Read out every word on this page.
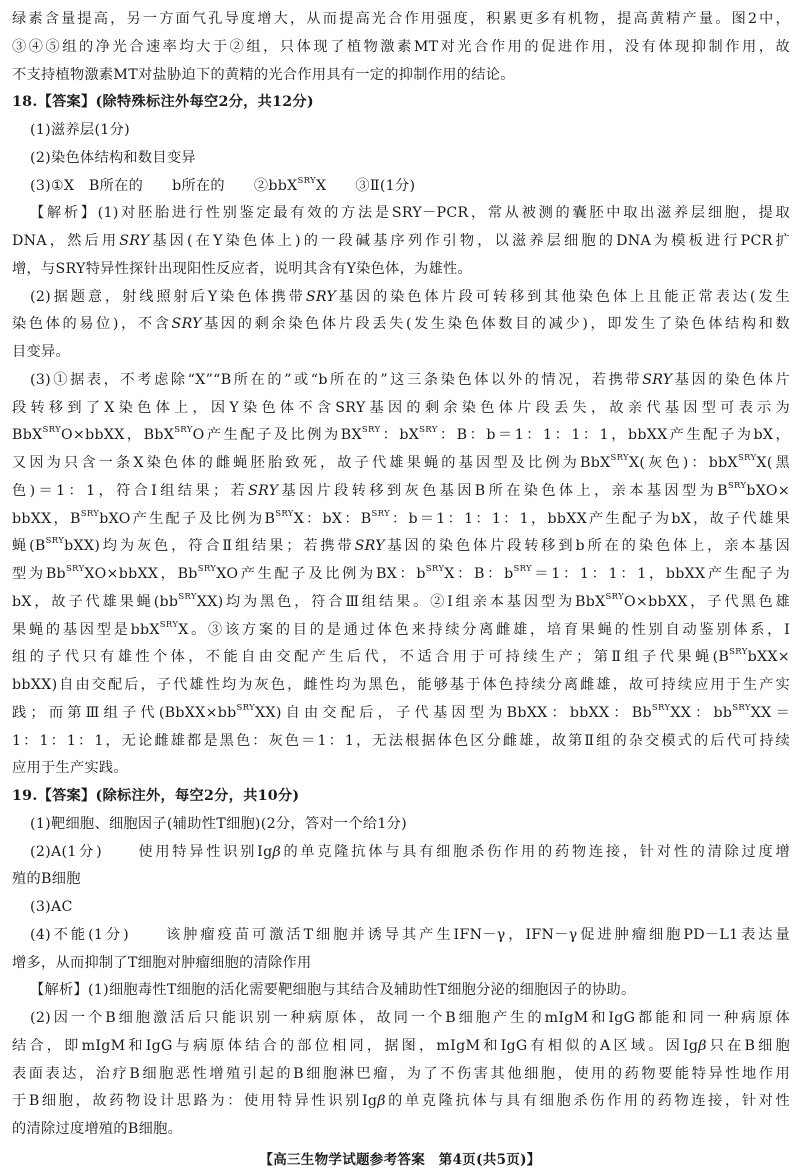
绿素含量提高，另一方面气孔导度增大，从而提高光合作用强度，积累更多有机物，提高黄精产量。图2中，
③④⑤组的净光合速率均大于②组，只体现了植物激素MT对光合作用的促进作用，没有体现抑制作用，故
不支持植物激素MT对盐胁迫下的黄精的光合作用具有一定的抑制作用的结论。
18.【答案】(除特殊标注外每空2分，共12分)
(1)滋养层(1分)
(2)染色体结构和数目变异
(3)①X　B所在的　　b所在的　　②bbX$^{SRY}$X　　③Ⅱ(1分)
【解析】(1)对胚胎进行性别鉴定最有效的方法是SRY－PCR，常从被测的囊胚中取出滋养层细胞，提取
DNA，然后用SRY基因(在Y染色体上)的一段碱基序列作引物，以滋养层细胞的DNA为模板进行PCR扩
增，与SRY特异性探针出现阳性反应者，说明其含有Y染色体，为雄性。
(2)据题意，射线照射后Y染色体携带SRY基因的染色体片段可转移到其他染色体上且能正常表达(发生
染色体的易位)，不含SRY基因的剩余染色体片段丢失(发生染色体数目的减少)，即发生了染色体结构和数
目变异。
(3)①据表，不考虑除“X”“B所在的”或“b所在的”这三条染色体以外的情况，若携带SRY基因的染色体片
段转移到了X染色体上，因Y染色体不含SRY基因的剩余染色体片段丢失，故亲代基因型可表示为
BbX$^{SRY}$O×bbXX，BbX$^{SRY}$O产生配子及比例为$BX^{SRY}$：$bX^{SRY}$：B：b＝1：1：1：1，bbXX产生配子为bX，
又因为只含一条X染色体的雌蝇胚胎致死，故子代雄果蝇的基因型及比例为BbX$^{SRY}$X(灰色)：bbX$^{SRY}$X(黑
色)＝1：1，符合Ⅰ组结果；若SRY基因片段转移到灰色基因B所在染色体上，亲本基因型为$B^{SRY}bXO\times$
bbXX，$B^{SRY}bXO$产生配子及比例为$B^{SRY}X$：bX：$B^{SRY}$：b＝1：1：1：1，bbXX产生配子为bX，故子代雄果
蝇$(B^{SRY}bXX)$均为灰色，符合Ⅱ组结果；若携带SRY基因的染色体片段转移到b所在的染色体上，亲本基因
型为$Bb^{SRY}XO\times bbXX$，$Bb^{SRY}XO$产生配子及比例为BX：$b^{SRY}X$：B：$b^{SRY}=1$：1：1：1，bbXX产生配子为
bX，故子代雄果蝇$(bb^{SRY}XX)$均为黑色，符合Ⅲ组结果。②Ⅰ组亲本基因型为BbX$^{SRY}$O×bbXX，子代黑色雄
果蝇的基因型是bbX$^{SRY}$X。③该方案的目的是通过体色来持续分离雌雄，培育果蝇的性别自动鉴别体系，Ⅰ
组的子代只有雄性个体，不能自由交配产生后代，不适合用于可持续生产；第Ⅱ组子代果蝇($B^{SRY}bXX\times$
bbXX)自由交配后，子代雄性均为灰色，雌性均为黑色，能够基于体色持续分离雌雄，故可持续应用于生产实
践；而第Ⅲ组子代$(BbXX\times bb^{SRY}XX)$自由交配后，子代基因型为BbXX：bbXX：$Bb^{SRY}XX$：$bb^{SRY}XX=$
1：1：1：1，无论雌雄都是黑色：灰色＝1：1，无法根据体色区分雌雄，故第Ⅱ组的杂交模式的后代可持续
应用于生产实践。
19.【答案】(除标注外，每空2分，共10分)
(1)靶细胞、细胞因子(辅助性T细胞)(2分，答对一个给1分)
(2)A(1分)　　使用特异性识别Igβ的单克隆抗体与具有细胞杀伤作用的药物连接，针对性的清除过度增
殖的B细胞
(3)AC
(4)不能(1分)　　该肿瘤疫苗可激活T细胞并诱导其产生IFN－γ，IFN－γ促进肿瘤细胞PD－L1表达量
增多，从而抑制了T细胞对肿瘤细胞的清除作用
【解析】(1)细胞毒性T细胞的活化需要靶细胞与其结合及辅助性T细胞分泌的细胞因子的协助。
(2)因一个B细胞激活后只能识别一种病原体，故同一个B细胞产生的mIgM和IgG都能和同一种病原体
结合，即mIgM和IgG与病原体结合的部位相同，据图，mIgM和IgG有相似的A区域。因Igβ只在B细胞
表面表达，治疗B细胞恶性增殖引起的B细胞淋巴瘤，为了不伤害其他细胞，使用的药物要能特异性地作用
于B细胞，故药物设计思路为：使用特异性识别Igβ的单克隆抗体与具有细胞杀伤作用的药物连接，针对性
的清除过度增殖的B细胞。
【高三生物学试题参考答案　第4页(共5页)】
